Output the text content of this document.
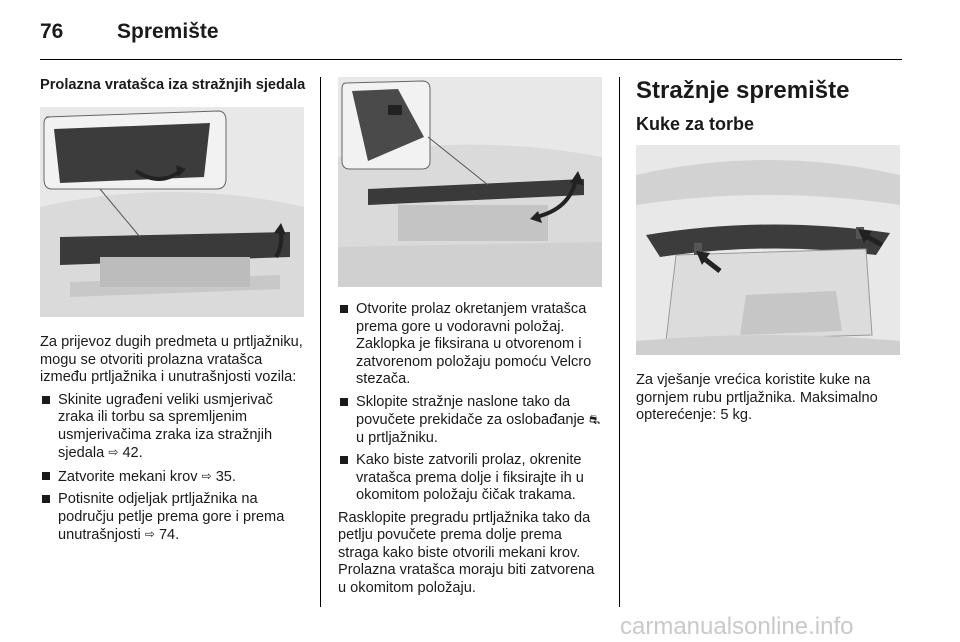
76	Spremište
Prolazna vratašca iza stražnjih sjedala

Za prijevoz dugih predmeta u prtljažniku, mogu se otvoriti prolazna vratašca između prtljažnika i unutrašnjosti vozila:

Skinite ugrađeni veliki usmjerivač zraka ili torbu sa spremljenim usmjerivačima zraka iza stražnjih sjedala ⇨ 42.
Zatvorite mekani krov ⇨ 35.
Potisnite odjeljak prtljažnika na području petlje prema gore i prema unutrašnjosti ⇨ 74.
Otvorite prolaz okretanjem vratašca prema gore u vodoravni položaj. Zaklopka je fiksirana u otvorenom i zatvorenom položaju pomoću Velcro stezača.
Sklopite stražnje naslone tako da povučete prekidače za oslobađanje ⛐ u prtljažniku.
Kako biste zatvorili prolaz, okrenite vratašca prema dolje i fiksirajte ih u okomitom položaju čičak trakama.

Rasklopite pregradu prtljažnika tako da petlju povučete prema dolje prema straga kako biste otvorili mekani krov. Prolazna vratašca moraju biti zatvorena u okomitom položaju.

Stražnje spremište
Kuke za torbe

Za vješanje vrećica koristite kuke na gornjem rubu prtljažnika. Maksimalno opterećenje: 5 kg.

carmanualsonline.info
